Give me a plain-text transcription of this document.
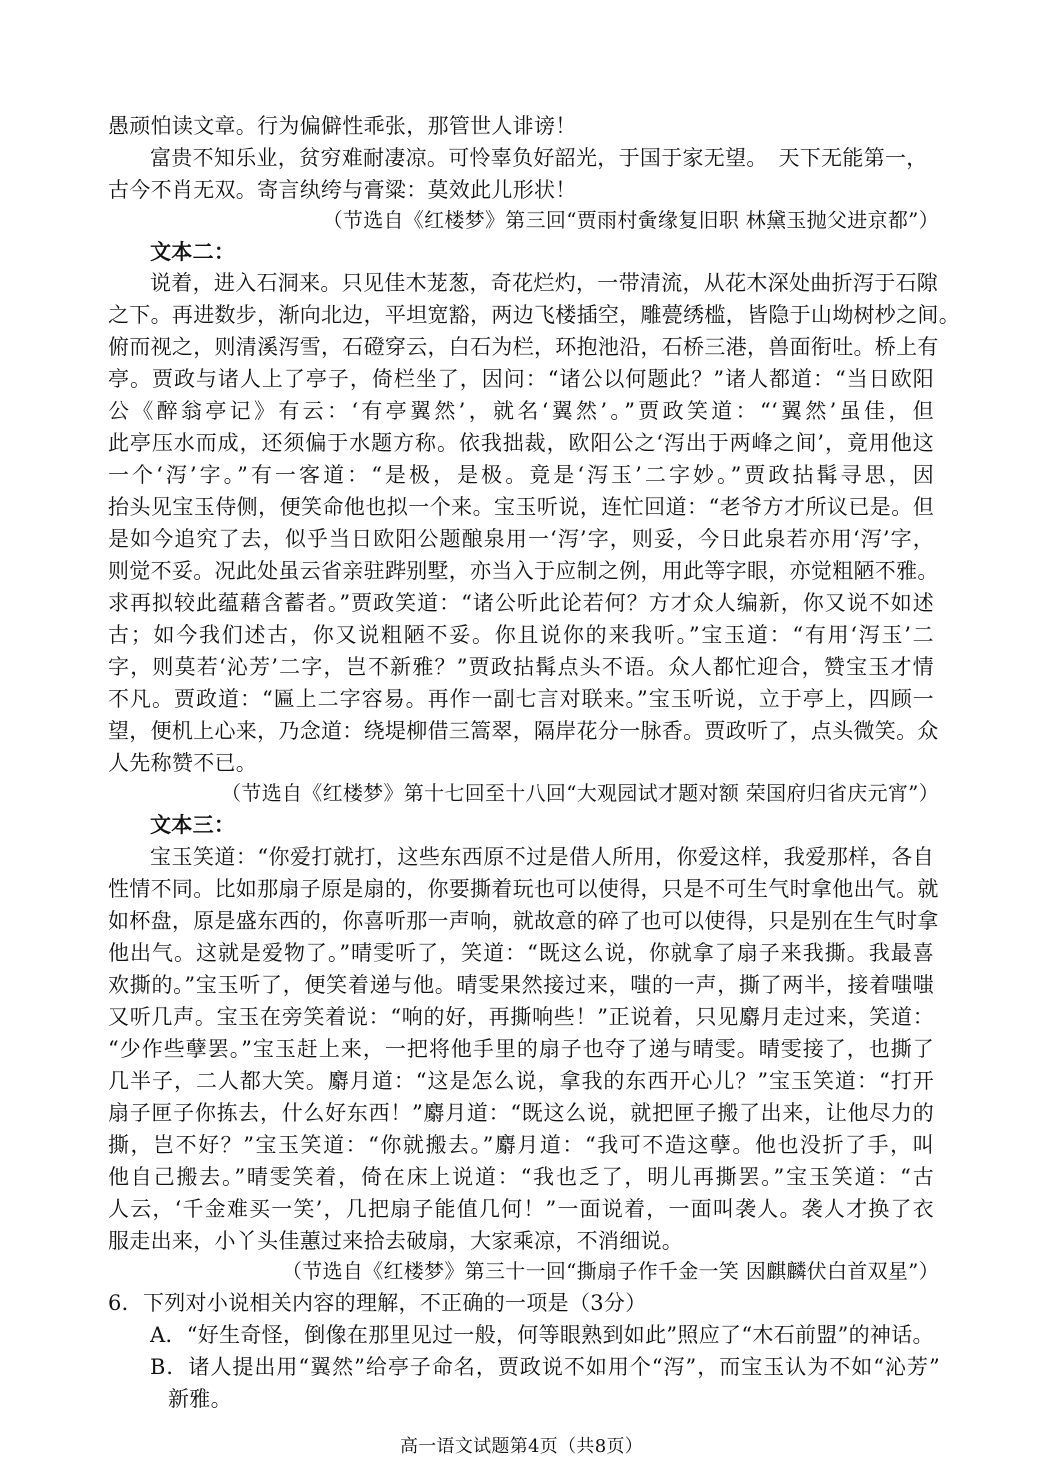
愚顽怕读文章。行为偏僻性乖张，那管世人诽谤！
富贵不知乐业，贫穷难耐凄凉。可怜辜负好韶光，于国于家无望。　天下无能第一，
古今不肖无双。寄言纨绔与膏粱：莫效此儿形状！
（节选自《红楼梦》第三回“贾雨村夤缘复旧职 林黛玉抛父进京都”）
文本二：
说着，进入石洞来。只见佳木茏葱，奇花烂灼，一带清流，从花木深处曲折泻于石隙
之下。再进数步，渐向北边，平坦宽豁，两边飞楼插空，雕甍绣槛，皆隐于山坳树杪之间。
俯而视之，则清溪泻雪，石磴穿云，白石为栏，环抱池沿，石桥三港，兽面衔吐。桥上有
亭。贾政与诸人上了亭子，倚栏坐了，因问：“诸公以何题此？”诸人都道：“当日欧阳
公《醉翁亭记》有云：‘有亭翼然’，就名‘翼然’。”贾政笑道：“‘翼然’虽佳，但
此亭压水而成，还须偏于水题方称。依我拙裁，欧阳公之‘泻出于两峰之间’，竟用他这
一个‘泻’字。”有一客道：“是极，是极。竟是‘泻玉’二字妙。”贾政拈髯寻思，因
抬头见宝玉侍侧，便笑命他也拟一个来。宝玉听说，连忙回道：“老爷方才所议已是。但
是如今追究了去，似乎当日欧阳公题酿泉用一‘泻’字，则妥，今日此泉若亦用‘泻’字，
则觉不妥。况此处虽云省亲驻跸别墅，亦当入于应制之例，用此等字眼，亦觉粗陋不雅。
求再拟较此蕴藉含蓄者。”贾政笑道：“诸公听此论若何？方才众人编新，你又说不如述
古；如今我们述古，你又说粗陋不妥。你且说你的来我听。”宝玉道：“有用‘泻玉’二
字，则莫若‘沁芳’二字，岂不新雅？”贾政拈髯点头不语。众人都忙迎合，赞宝玉才情
不凡。贾政道：“匾上二字容易。再作一副七言对联来。”宝玉听说，立于亭上，四顾一
望，便机上心来，乃念道：绕堤柳借三篙翠，隔岸花分一脉香。贾政听了，点头微笑。众
人先称赞不已。
（节选自《红楼梦》第十七回至十八回“大观园试才题对额 荣国府归省庆元宵”）
文本三：
宝玉笑道：“你爱打就打，这些东西原不过是借人所用，你爱这样，我爱那样，各自
性情不同。比如那扇子原是扇的，你要撕着玩也可以使得，只是不可生气时拿他出气。就
如杯盘，原是盛东西的，你喜听那一声响，就故意的碎了也可以使得，只是别在生气时拿
他出气。这就是爱物了。”晴雯听了，笑道：“既这么说，你就拿了扇子来我撕。我最喜
欢撕的。”宝玉听了，便笑着递与他。晴雯果然接过来，嗤的一声，撕了两半，接着嗤嗤
又听几声。宝玉在旁笑着说：“响的好，再撕响些！”正说着，只见麝月走过来，笑道：
“少作些孽罢。”宝玉赶上来，一把将他手里的扇子也夺了递与晴雯。晴雯接了，也撕了
几半子，二人都大笑。麝月道：“这是怎么说，拿我的东西开心儿？”宝玉笑道：“打开
扇子匣子你拣去，什么好东西！”麝月道：“既这么说，就把匣子搬了出来，让他尽力的
撕，岂不好？”宝玉笑道：“你就搬去。”麝月道：“我可不造这孽。他也没折了手，叫
他自己搬去。”晴雯笑着，倚在床上说道：“我也乏了，明儿再撕罢。”宝玉笑道：“古
人云，‘千金难买一笑’，几把扇子能值几何！”一面说着，一面叫袭人。袭人才换了衣
服走出来，小丫头佳蕙过来拾去破扇，大家乘凉，不消细说。
（节选自《红楼梦》第三十一回“撕扇子作千金一笑 因麒麟伏白首双星”）
6．下列对小说相关内容的理解，不正确的一项是（3分）
A．“好生奇怪，倒像在那里见过一般，何等眼熟到如此”照应了“木石前盟”的神话。
B．诸人提出用“翼然”给亭子命名，贾政说不如用个“泻”，而宝玉认为不如“沁芳”
新雅。
高一语文试题第4页（共8页）
